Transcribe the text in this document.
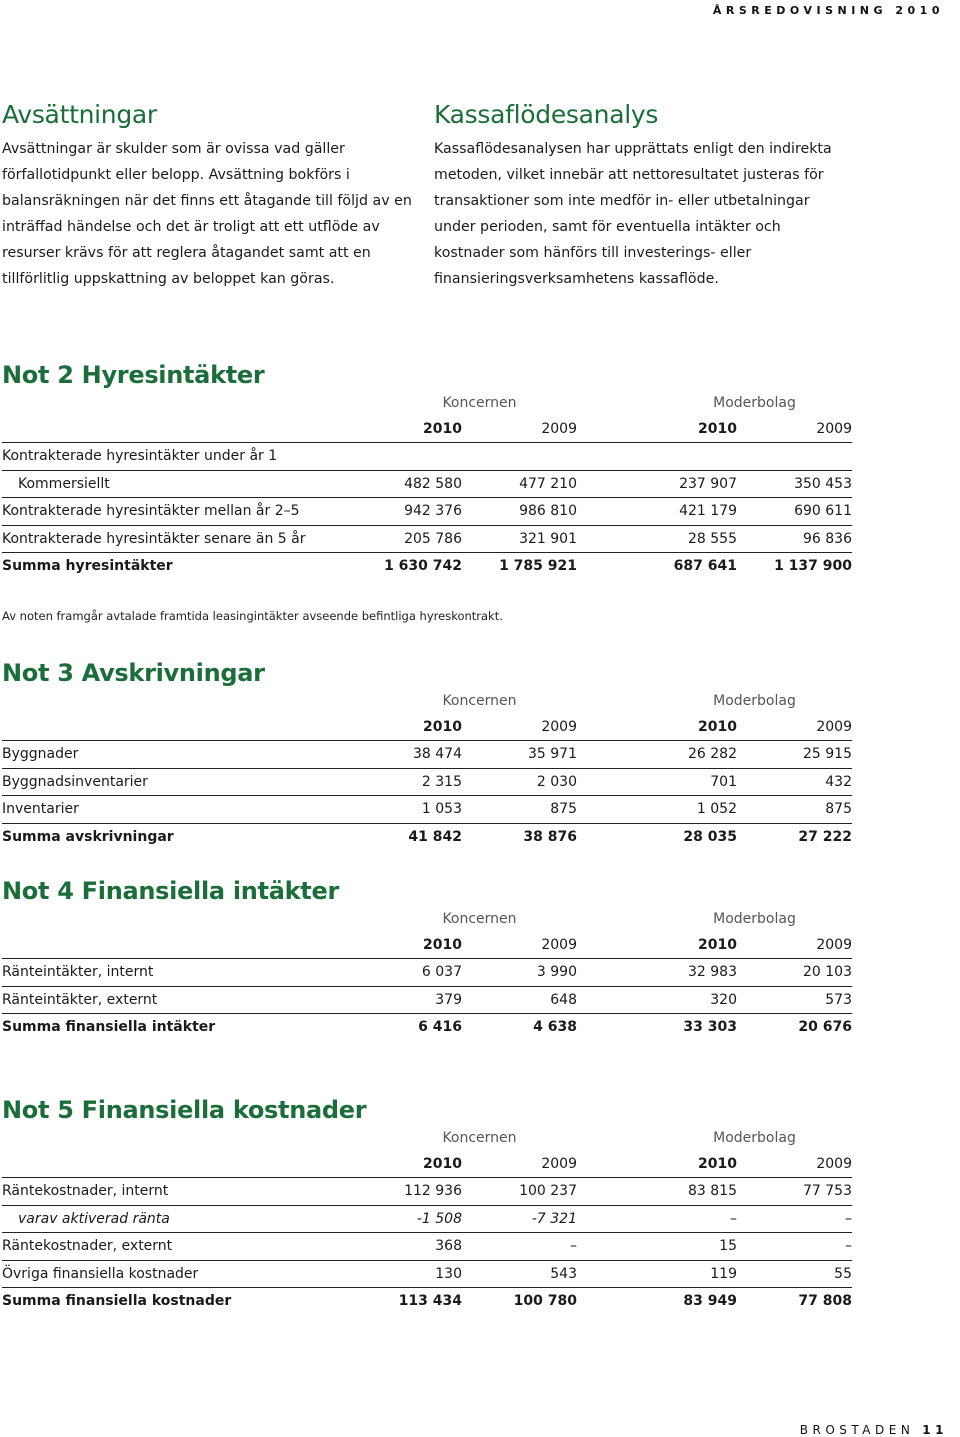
ÅRSREDOVISNING 2010
Avsättningar

Avsättningar är skulder som är ovissa vad gäller förfallotidpunkt eller belopp. Avsättning bokförs i balansräkningen när det finns ett åtagande till följd av en inträffad händelse och det är troligt att ett utflöde av resurser krävs för att reglera åtagandet samt att en tillförlitlig uppskattning av beloppet kan göras.

Kassaflödesanalys

Kassaflödesanalysen har upprättats enligt den indirekta metoden, vilket innebär att nettoresultatet justeras för transaktioner som inte medför in- eller utbetalningar under perioden, samt för eventuella intäkter och kostnader som hänförs till investerings- eller finansieringsverksamhetens kassaflöde.

Not 2 Hyresintäkter
	Koncernen			Moderbolag	
	2010	2009		2010	2009
Kontrakterade hyresintäkter under år 1					
Kommersiellt	482 580	477 210		237 907	350 453
Kontrakterade hyresintäkter mellan år 2–5	942 376	986 810		421 179	690 611
Kontrakterade hyresintäkter senare än 5 år	205 786	321 901		28 555	96 836
Summa hyresintäkter	1 630 742	1 785 921		687 641	1 137 900
Av noten framgår avtalade framtida leasingintäkter avseende befintliga hyreskontrakt.
Not 3 Avskrivningar
	Koncernen			Moderbolag	
	2010	2009		2010	2009
Byggnader	38 474	35 971		26 282	25 915
Byggnadsinventarier	2 315	2 030		701	432
Inventarier	1 053	875		1 052	875
Summa avskrivningar	41 842	38 876		28 035	27 222
Not 4 Finansiella intäkter
	Koncernen			Moderbolag	
	2010	2009		2010	2009
Ränteintäkter, internt	6 037	3 990		32 983	20 103
Ränteintäkter, externt	379	648		320	573
Summa finansiella intäkter	6 416	4 638		33 303	20 676
Not 5 Finansiella kostnader
	Koncernen			Moderbolag	
	2010	2009		2010	2009
Räntekostnader, internt	112 936	100 237		83 815	77 753
varav aktiverad ränta	-1 508	-7 321		–	–
Räntekostnader, externt	368	–		15	–
Övriga finansiella kostnader	130	543		119	55
Summa finansiella kostnader	113 434	100 780		83 949	77 808
BROSTADEN 11
